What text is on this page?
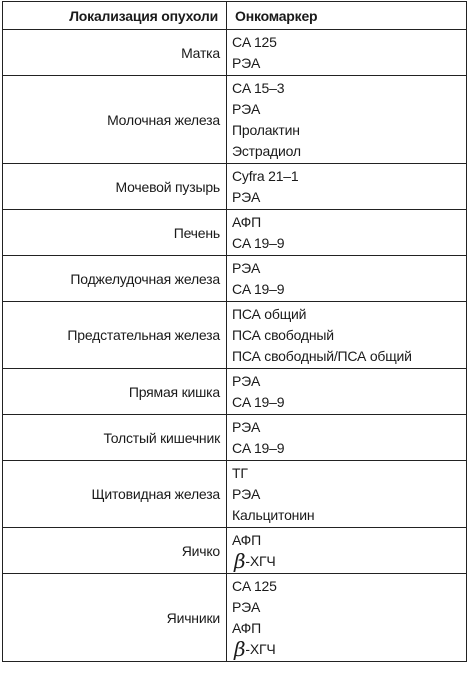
Локализация опухоли	Онкомаркер
Матка	CA 125
РЭА

Молочная железа	CA 15–3
РЭА
Пролактин
Эстрадиол

Мочевой пузырь	Cyfra 21–1
РЭА

Печень	АФП
CA 19–9

Поджелудочная железа	РЭА
CA 19–9

Предстательная железа	ПСА общий
ПСА свободный
ПСА свободный/ПСА общий

Прямая кишка	РЭА
CA 19–9

Толстый кишечник	РЭА
CA 19–9

Щитовидная железа	ТГ
РЭА
Кальцитонин

Яичко	АФП
β-ХГЧ

Яичники	CA 125
РЭА
АФП
β-ХГЧ
